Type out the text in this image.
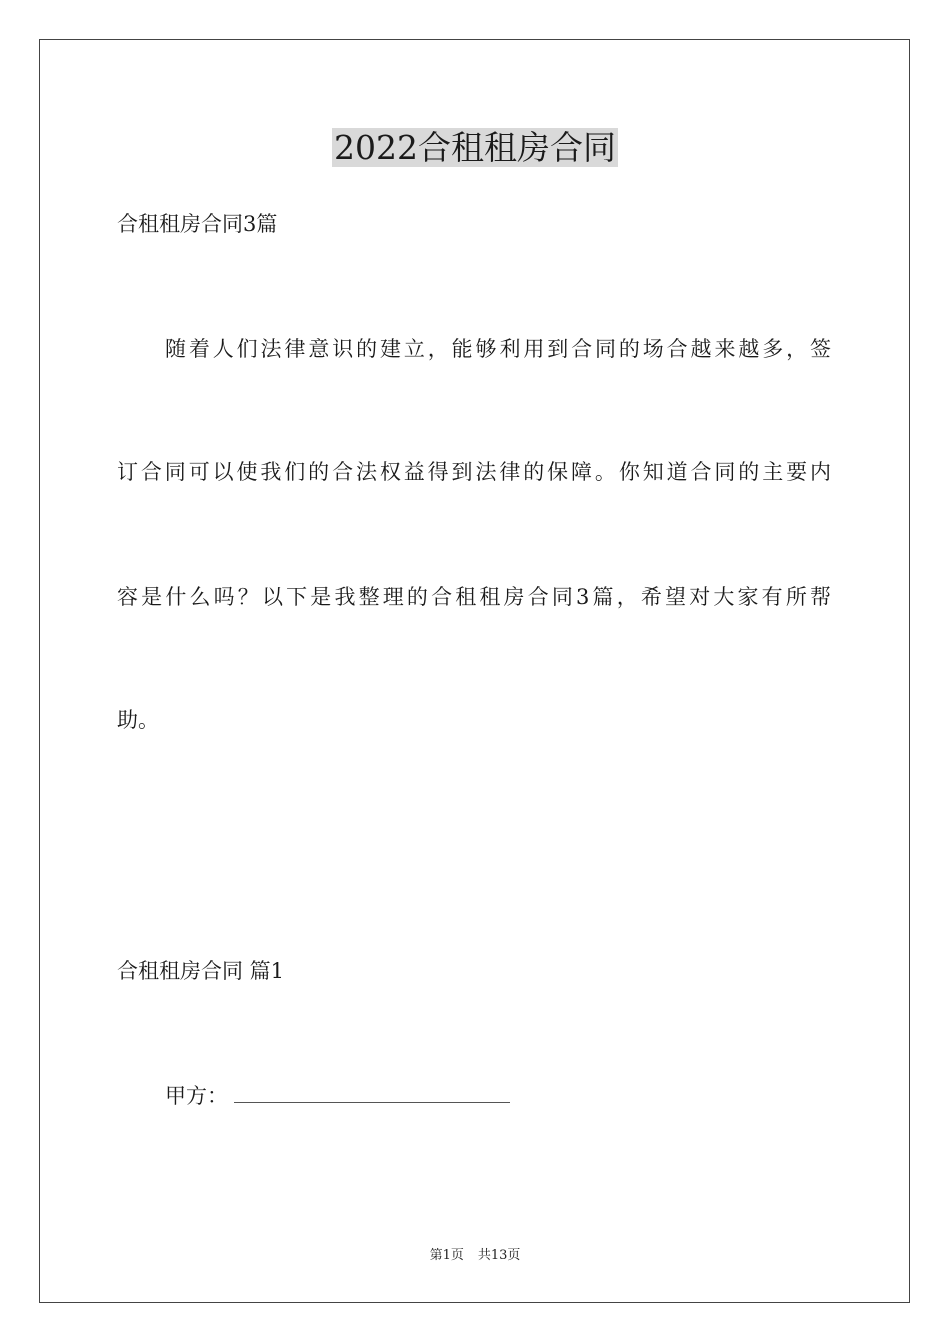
2022合租租房合同
合租租房合同3篇
随着人们法律意识的建立，能够利用到合同的场合越来越多，签
订合同可以使我们的合法权益得到法律的保障。你知道合同的主要内
容是什么吗？以下是我整理的合租租房合同3篇，希望对大家有所帮
助。
合租租房合同 篇1
甲方：
第1页 共13页
